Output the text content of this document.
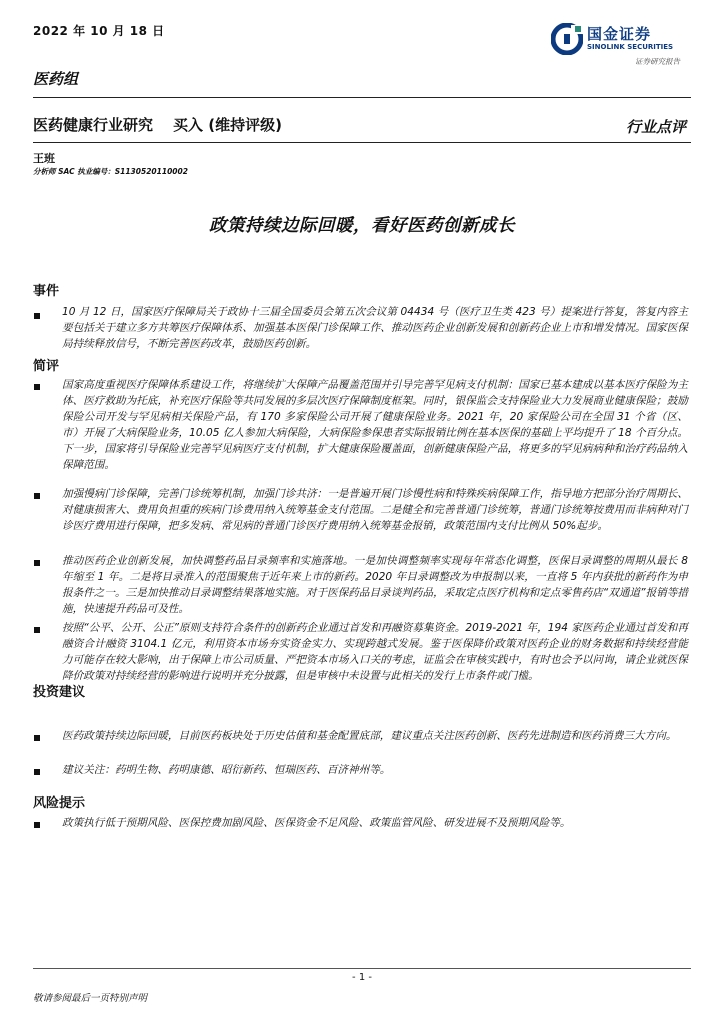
2022 年 10 月 18 日	国金证券
SINOLINK SECURITIES
证券研究报告
医药组
医药健康行业研究 买入 (维持评级)	行业点评
王班
分析师 SAC 执业编号：S1130520110002
政策持续边际回暖，看好医药创新成长
事件
10 月 12 日，国家医疗保障局关于政协十三届全国委员会第五次会议第 04434 号（医疗卫生类 423 号）提案进行答复，答复内容主要包括关于建立多方共筹医疗保障体系、加强基本医保门诊保障工作、推动医药企业创新发展和创新药企业上市和增发情况。国家医保局持续释放信号，不断完善医药改革，鼓励医药创新。
简评
国家高度重视医疗保障体系建设工作，将继续扩大保障产品覆盖范围并引导完善罕见病支付机制：国家已基本建成以基本医疗保险为主体、医疗救助为托底，补充医疗保险等共同发展的多层次医疗保障制度框架。同时，银保监会支持保险业大力发展商业健康保险；鼓励保险公司开发与罕见病相关保险产品，有 170 多家保险公司开展了健康保险业务。2021 年，20 家保险公司在全国 31 个省（区、市）开展了大病保险业务，10.05 亿人参加大病保险，大病保险参保患者实际报销比例在基本医保的基础上平均提升了 18 个百分点。下一步，国家将引导保险业完善罕见病医疗支付机制，扩大健康保险覆盖面，创新健康保险产品，将更多的罕见病病种和治疗药品纳入保障范围。
加强慢病门诊保障，完善门诊统筹机制，加强门诊共济：一是普遍开展门诊慢性病和特殊疾病保障工作，指导地方把部分治疗周期长、对健康损害大、费用负担重的疾病门诊费用纳入统筹基金支付范围。二是健全和完善普通门诊统筹，普通门诊统筹按费用而非病种对门诊医疗费用进行保障，把多发病、常见病的普通门诊医疗费用纳入统筹基金报销，政策范围内支付比例从 50%起步。
推动医药企业创新发展，加快调整药品目录频率和实施落地。一是加快调整频率实现每年常态化调整，医保目录调整的周期从最长 8 年缩至 1 年。二是将目录准入的范围聚焦于近年来上市的新药。2020 年目录调整改为申报制以来，一直将 5 年内获批的新药作为申报条件之一。三是加快推动目录调整结果落地实施。对于医保药品目录谈判药品，采取定点医疗机构和定点零售药店“双通道”报销等措施，快速提升药品可及性。
按照“公平、公开、公正”原则支持符合条件的创新药企业通过首发和再融资募集资金。2019-2021 年，194 家医药企业通过首发和再融资合计融资 3104.1 亿元，利用资本市场夯实资金实力、实现跨越式发展。鉴于医保降价政策对医药企业的财务数据和持续经营能力可能存在较大影响，出于保障上市公司质量、严把资本市场入口关的考虑，证监会在审核实践中，有时也会予以问询，请企业就医保降价政策对持续经营的影响进行说明并充分披露，但是审核中未设置与此相关的发行上市条件或门槛。
投资建议
医药政策持续边际回暖，目前医药板块处于历史估值和基金配置底部，建议重点关注医药创新、医药先进制造和医药消费三大方向。
建议关注：药明生物、药明康德、昭衍新药、恒瑞医药、百济神州等。
风险提示
政策执行低于预期风险、医保控费加剧风险、医保资金不足风险、政策监管风险、研发进展不及预期风险等。
- 1 -
敬请参阅最后一页特别声明
